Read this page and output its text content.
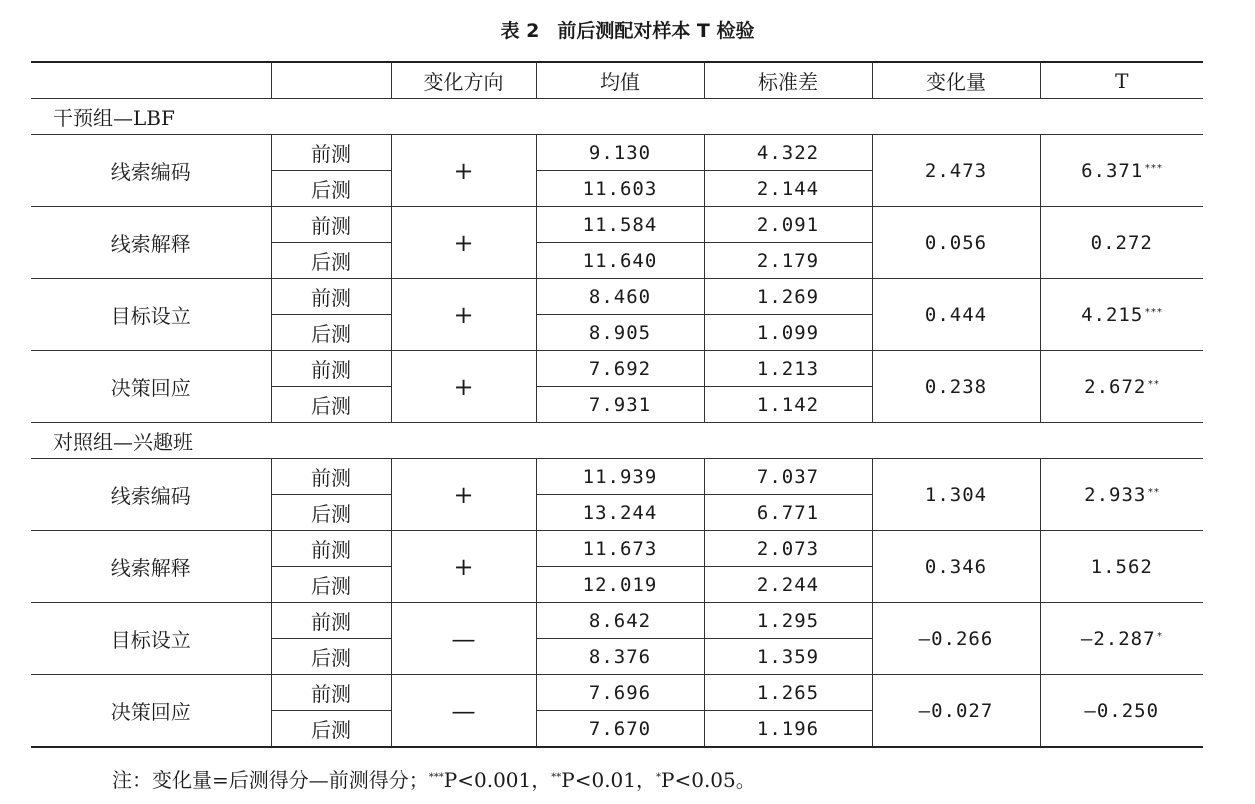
表 2 前后测配对样本 T 检验
		变化方向	均值	标准差	变化量	T
干预组—LBF						
线索编码	前测	+	9.130	4.322	2.473	6.371***
	后测		11.603	2.144		
线索解释	前测	+	11.584	2.091	0.056	0.272
	后测		11.640	2.179		
目标设立	前测	+	8.460	1.269	0.444	4.215***
	后测		8.905	1.099		
决策回应	前测	+	7.692	1.213	0.238	2.672**
	后测		7.931	1.142		
对照组—兴趣班						
线索编码	前测	+	11.939	7.037	1.304	2.933**
	后测		13.244	6.771		
线索解释	前测	+	11.673	2.073	0.346	1.562
	后测		12.019	2.244		
目标设立	前测	—	8.642	1.295	—0.266	—2.287*
	后测		8.376	1.359		
决策回应	前测	—	7.696	1.265	—0.027	—0.250
	后测		7.670	1.196		
注：变化量=后测得分—前测得分；***P<0.001，**P<0.01，*P<0.05。
